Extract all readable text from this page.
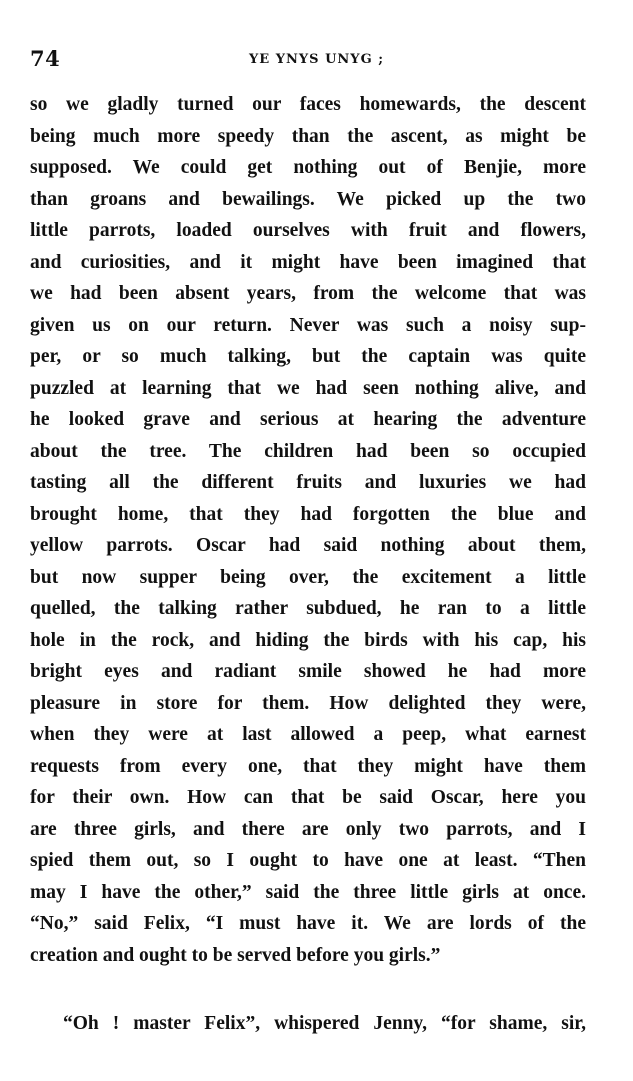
74	YE YNYS UNYG ;
so we gladly turned our faces homewards, the descent
being much more speedy than the ascent, as might be
supposed. We could get nothing out of Benjie, more
than groans and bewailings. We picked up the two
little parrots, loaded ourselves with fruit and flowers,
and curiosities, and it might have been imagined that
we had been absent years, from the welcome that was
given us on our return. Never was such a noisy sup-
per, or so much talking, but the captain was quite
puzzled at learning that we had seen nothing alive, and
he looked grave and serious at hearing the adventure
about the tree. The children had been so occupied
tasting all the different fruits and luxuries we had
brought home, that they had forgotten the blue and
yellow parrots. Oscar had said nothing about them,
but now supper being over, the excitement a little
quelled, the talking rather subdued, he ran to a little
hole in the rock, and hiding the birds with his cap, his
bright eyes and radiant smile showed he had more
pleasure in store for them. How delighted they were,
when they were at last allowed a peep, what earnest
requests from every one, that they might have them
for their own. How can that be said Oscar, here you
are three girls, and there are only two parrots, and I
spied them out, so I ought to have one at least. “Then
may I have the other,” said the three little girls at once.
“No,” said Felix, “I must have it. We are lords of the
creation and ought to be served before you girls.”
“Oh ! master Felix”, whispered Jenny, “for shame, sir,
